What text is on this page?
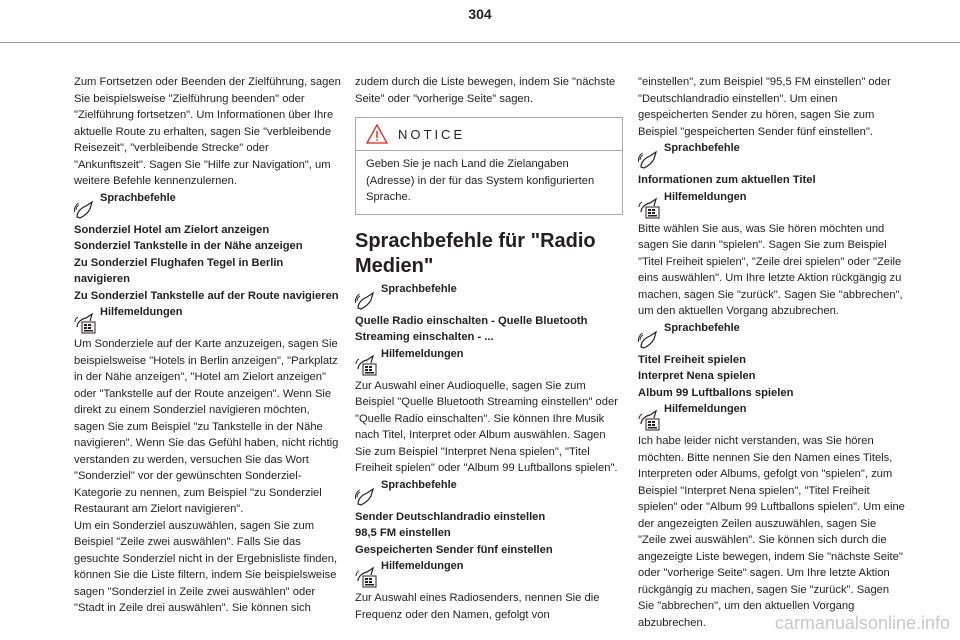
304

Zum Fortsetzen oder Beenden der Zielführung, sagen Sie beispielsweise "Zielführung beenden" oder "Zielführung fortsetzen". Um Informationen über Ihre aktuelle Route zu erhalten, sagen Sie "verbleibende Reisezeit", "verbleibende Strecke" oder "Ankunftszeit". Sagen Sie "Hilfe zur Navigation", um weitere Befehle kennenzulernen.

Sprachbefehle

Sonderziel Hotel am Zielort anzeigen
Sonderziel Tankstelle in der Nähe anzeigen
Zu Sonderziel Flughafen Tegel in Berlin navigieren
Zu Sonderziel Tankstelle auf der Route navigieren

Hilfemeldungen

Um Sonderziele auf der Karte anzuzeigen, sagen Sie beispielsweise "Hotels in Berlin anzeigen", "Parkplatz in der Nähe anzeigen", "Hotel am Zielort anzeigen" oder "Tankstelle auf der Route anzeigen". Wenn Sie direkt zu einem Sonderziel navigieren möchten, sagen Sie zum Beispiel "zu Tankstelle in der Nähe navigieren". Wenn Sie das Gefühl haben, nicht richtig verstanden zu werden, versuchen Sie das Wort "Sonderziel" vor der gewünschten Sonderziel-Kategorie zu nennen, zum Beispiel "zu Sonderziel Restaurant am Zielort navigieren".
Um ein Sonderziel auszuwählen, sagen Sie zum Beispiel "Zeile zwei auswählen". Falls Sie das gesuchte Sonderziel nicht in der Ergebnisliste finden, können Sie die Liste filtern, indem Sie beispielsweise sagen "Sonderziel in Zeile zwei auswählen" oder "Stadt in Zeile drei auswählen". Sie können sich

zudem durch die Liste bewegen, indem Sie "nächste Seite" oder "vorherige Seite" sagen.

NOTICE
Geben Sie je nach Land die Zielangaben (Adresse) in der für das System konfigurierten Sprache.
Sprachbefehle für "Radio Medien"
Sprachbefehle

Quelle Radio einschalten - Quelle Bluetooth Streaming einschalten - ...

Hilfemeldungen

Zur Auswahl einer Audioquelle, sagen Sie zum Beispiel "Quelle Bluetooth Streaming einstellen" oder "Quelle Radio einschalten". Sie können Ihre Musik nach Titel, Interpret oder Album auswählen. Sagen Sie zum Beispiel "Interpret Nena spielen", "Titel Freiheit spielen" oder "Album 99 Luftballons spielen".

Sprachbefehle

Sender Deutschlandradio einstellen
98,5 FM einstellen
Gespeicherten Sender fünf einstellen

Hilfemeldungen

Zur Auswahl eines Radiosenders, nennen Sie die Frequenz oder den Namen, gefolgt von

"einstellen", zum Beispiel "95,5 FM einstellen" oder "Deutschlandradio einstellen". Um einen gespeicherten Sender zu hören, sagen Sie zum Beispiel "gespeicherten Sender fünf einstellen".

Sprachbefehle

Informationen zum aktuellen Titel

Hilfemeldungen

Bitte wählen Sie aus, was Sie hören möchten und sagen Sie dann "spielen". Sagen Sie zum Beispiel "Titel Freiheit spielen", "Zeile drei spielen" oder "Zeile eins auswählen". Um Ihre letzte Aktion rückgängig zu machen, sagen Sie "zurück". Sagen Sie "abbrechen", um den aktuellen Vorgang abzubrechen.

Sprachbefehle

Titel Freiheit spielen
Interpret Nena spielen
Album 99 Luftballons spielen

Hilfemeldungen

Ich habe leider nicht verstanden, was Sie hören möchten. Bitte nennen Sie den Namen eines Titels, Interpreten oder Albums, gefolgt von "spielen", zum Beispiel "Interpret Nena spielen", "Titel Freiheit spielen" oder "Album 99 Luftballons spielen". Um eine der angezeigten Zeilen auszuwählen, sagen Sie "Zeile zwei auswählen". Sie können sich durch die angezeigte Liste bewegen, indem Sie "nächste Seite" oder "vorherige Seite" sagen. Um Ihre letzte Aktion rückgängig zu machen, sagen Sie "zurück". Sagen Sie "abbrechen", um den aktuellen Vorgang abzubrechen.	carmanualsonline.info
